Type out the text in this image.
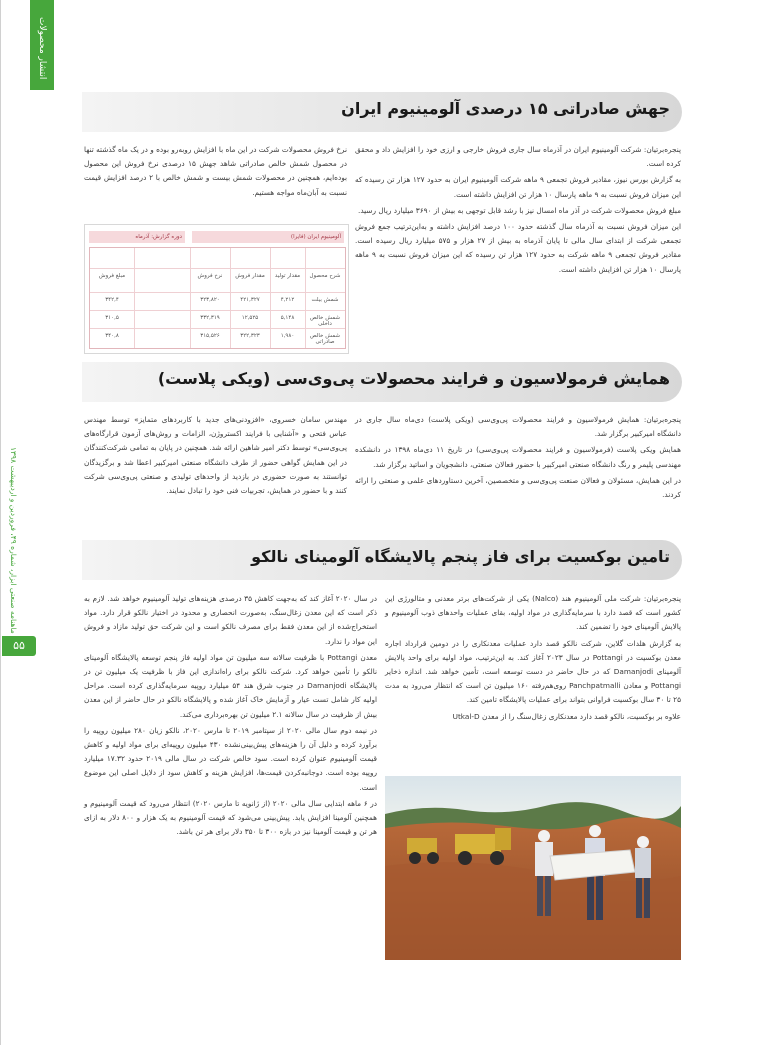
انتشار محصولات
ماهنامه صنعتی ابزار، شماره ۴۹، فروردین و اردیبهشت ۱۳۹۸
۵۵
جهش صادراتی ۱۵ درصدی آلومینیوم ایران

پنجره‌برتیان: شرکت آلومینیوم ایران در آذرماه سال جاری فروش خارجی و ارزی خود را افزایش داد و محقق کرده است.

به گزارش بورس نیوز، مقادیر فروش تجمعی ۹ ماهه شرکت آلومینیوم ایران به حدود ۱۲۷ هزار تن رسیده که این میزان فروش نسبت به ۹ ماهه پارسال ۱۰ هزار تن افزایش داشته است.

مبلغ فروش محصولات شرکت در آذر ماه امسال نیز با رشد قابل توجهی به بیش از ۳۶۹۰ میلیارد ریال رسید.

این میزان فروش نسبت به آذرماه سال گذشته حدود ۱۰۰ درصد افزایش داشته و به‌این‌ترتیب جمع فروش تجمعی شرکت از ابتدای سال مالی تا پایان آذرماه به بیش از ۲۷ هزار و ۵۷۵ میلیارد ریال رسیده است. مقادیر فروش تجمعی ۹ ماهه شرکت به حدود ۱۲۷ هزار تن رسیده که این میزان فروش نسبت به ۹ ماهه پارسال ۱۰ هزار تن افزایش داشته است.

نرخ فروش محصولات شرکت در این ماه با افزایش روبه‌رو بوده و در یک ماه گذشته تنها در محصول شمش خالص صادراتی شاهد جهش ۱۵ درصدی نرخ فروش این محصول بوده‌ایم، همچنین در محصولات شمش بیست و شمش خالص با ۲ درصد افزایش قیمت نسبت به آبان‌ماه مواجه هستیم.

آلومینیوم ایران (فایرا)
دوره گزارش: آذرماه
شرح محصول
مقدار تولید
مقدار فروش
نرخ فروش
مبلغ فروش
شمش بیلت
۴,۲۱۲
۴۲۱,۳۲۷
۳۲۳,۸۲۰
۳۴۲,۴
شمش خالص داخلی
۵,۱۴۸
۱۲,۵۲۵
۳۳۲,۳۱۹
۳۱۰,۵
شمش خالص صادراتی
۱,۹۸۰
۳۲۲,۳۲۳
۳۱۵,۵۲۶
۳۴۰,۸
همایش فرمولاسیون و فرایند محصولات پی‌وی‌سی (ویکی پلاست)

پنجره‌برتیان: همایش فرمولاسیون و فرایند محصولات پی‌وی‌سی (ویکی پلاست) دی‌ماه سال جاری در دانشگاه امیرکبیر برگزار شد.

همایش ویکی پلاست (فرمولاسیون و فرایند محصولات پی‌وی‌سی) در تاریخ ۱۱ دی‌ماه ۱۳۹۸ در دانشکده مهندسی پلیمر و رنگ دانشگاه صنعتی امیرکبیر با حضور فعالان صنعتی، دانشجویان و اساتید برگزار شد.

در این همایش، مسئولان و فعالان صنعت پی‌وی‌سی و متخصصین، آخرین دستاوردهای علمی و صنعتی را ارائه کردند.

مهندس سامان خسروی، «افزودنی‌های جدید با کاربردهای متمایز» توسط مهندس عباس فتحی و «آشنایی با فرایند اکستروژن، الزامات و روش‌های آزمون قرارگاه‌های پی‌وی‌سی» توسط دکتر امیر شاهین ارائه شد. همچنین در پایان به تمامی شرکت‌کنندگان در این همایش گواهی حضور از طرف دانشگاه صنعتی امیرکبیر اعطا شد و برگزیدگان توانستند به صورت حضوری در بازدید از واحدهای تولیدی و صنعتی پی‌وی‌سی شرکت کنند و با حضور در همایش، تجربیات فنی خود را تبادل نمایند.

تامین بوکسیت برای فاز پنجم پالایشگاه آلومینای نالکو

پنجره‌برتیان: شرکت ملی آلومینیوم هند (Nalco) یکی از شرکت‌های برتر معدنی و متالورژی این کشور است که قصد دارد با سرمایه‌گذاری در مواد اولیه، بقای عملیات واحدهای ذوب آلومینیوم و پالایش آلومینای خود را تضمین کند.

به گزارش هلدات گلاین، شرکت نالکو قصد دارد عملیات معدنکاری را در دومین قرارداد اجاره معدن بوکسیت در Pottangi در سال ۲۰۲۳ آغاز کند. به این‌ترتیب، مواد اولیه برای واحد پالایش آلومینای Damanjodi که در حال حاضر در دست توسعه است، تأمین خواهد شد. اندازه ذخایر Pottangi و معادن Panchpatmalli روی‌هم‌رفته ۱۶۰ میلیون تن است که انتظار می‌رود به مدت ۲۵ تا ۳۰ سال بوکسیت فراوانی بتواند برای عملیات پالایشگاه تامین کند.

علاوه بر بوکسیت، نالکو قصد دارد معدنکاری زغال‌سنگ را از معدن Utkal-D

در سال ۲۰۲۰ آغاز کند که به‌جهت کاهش ۳۵ درصدی هزینه‌های تولید آلومینیوم خواهد شد. لازم به ذکر است که این معدن زغال‌سنگ، به‌صورت انحصاری و محدود در اختیار نالکو قرار دارد. مواد استخراج‌شده از این معدن فقط برای مصرف نالکو است و این شرکت حق تولید مازاد و فروش این مواد را ندارد.

معدن Pottangi با ظرفیت سالانه سه میلیون تن مواد اولیه فاز پنجم توسعه پالایشگاه آلومینای نالکو را تأمین خواهد کرد. شرکت نالکو برای راه‌اندازی این فاز با ظرفیت یک میلیون تن در پالایشگاه Damanjodi در جنوب شرق هند ۵۴ میلیارد روپیه سرمایه‌گذاری کرده است. مراحل اولیه کار شامل تست عیار و آزمایش خاک آغاز شده و پالایشگاه نالکو در حال حاضر از این معدن بیش از ظرفیت در سال سالانه ۲.۱ میلیون تن بهره‌برداری می‌کند.

در نیمه دوم سال مالی ۲۰۲۰ از سپتامبر ۲۰۱۹ تا مارس ۲۰۲۰، نالکو زیان ۲۸۰ میلیون روپیه را برآورد کرده و دلیل آن را هزینه‌های پیش‌بینی‌نشده ۴۳۰ میلیون روپیه‌ای برای مواد اولیه و کاهش قیمت آلومینیوم عنوان کرده است. سود خالص شرکت در سال مالی ۲۰۱۹ حدود ۱۷.۳۲ میلیارد روپیه بوده است. دوجانبه‌کردن قیمت‌ها، افزایش هزینه و کاهش سود از دلایل اصلی این موضوع است.

در ۶ ماهه ابتدایی سال مالی ۲۰۲۰ (از ژانویه تا مارس ۲۰۲۰) انتظار می‌رود که قیمت آلومینیوم و همچنین آلومینا افزایش یابد. پیش‌بینی می‌شود که قیمت آلومینیوم به یک هزار و ۸۰۰ دلار به ازای هر تن و قیمت آلومینا نیز در بازه ۳۰۰ تا ۳۵۰ دلار برای هر تن باشد.
